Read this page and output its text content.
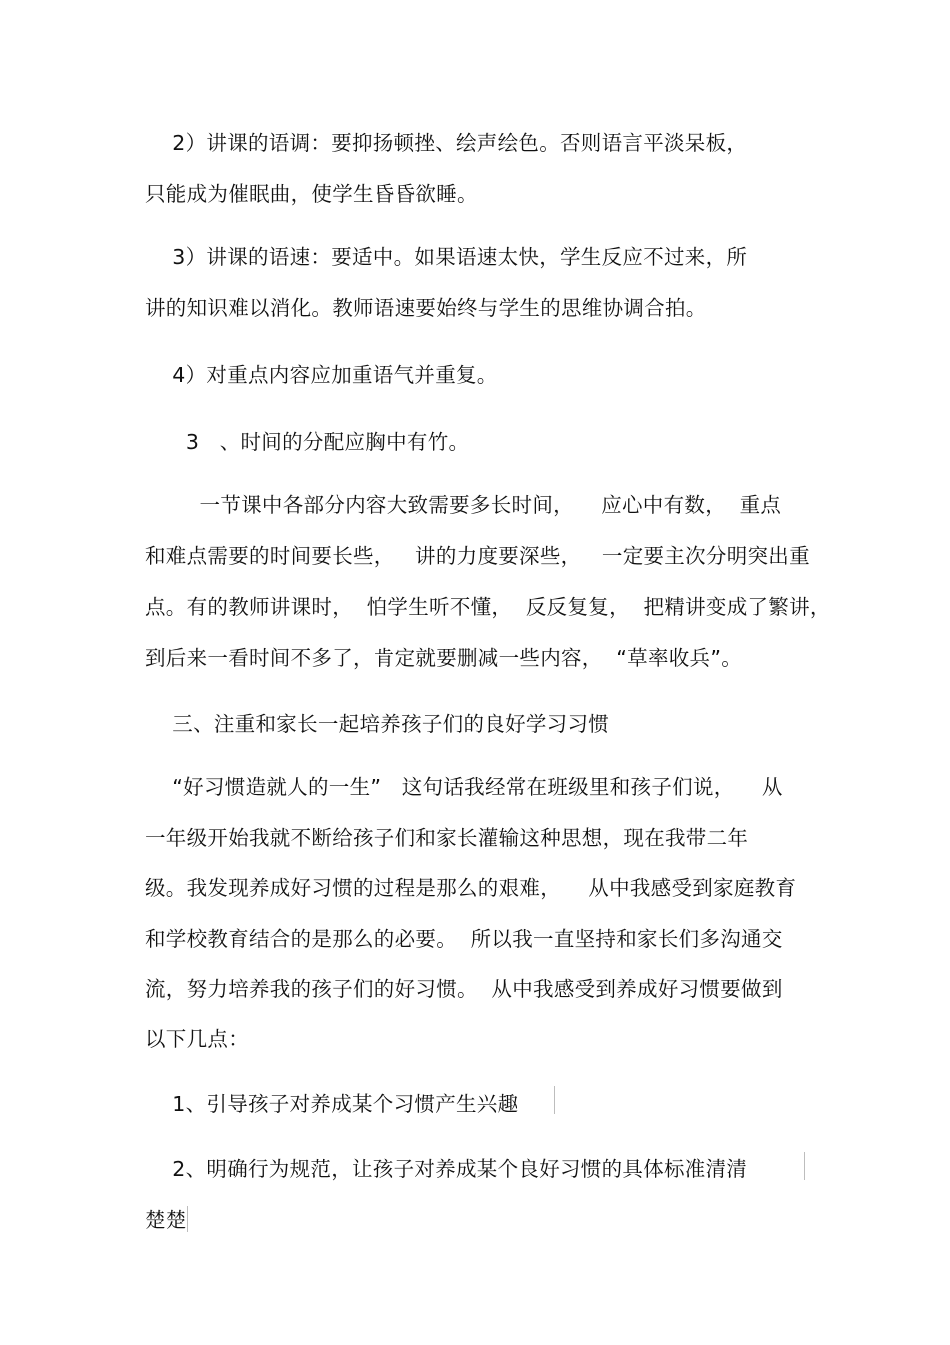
2）讲课的语调：要抑扬顿挫、绘声绘色。否则语言平淡呆板，
只能成为催眠曲，使学生昏昏欲睡。
3）讲课的语速：要适中。如果语速太快，学生反应不过来，所
讲的知识难以消化。教师语速要始终与学生的思维协调合拍。
4）对重点内容应加重语气并重复。
3   、时间的分配应胸中有竹。
一节课中各部分内容大致需要多长时间，    应心中有数，  重点
和难点需要的时间要长些，   讲的力度要深些，   一定要主次分明突出重
点。有的教师讲课时，  怕学生听不懂，  反反复复，  把精讲变成了繁讲，
到后来一看时间不多了，肯定就要删减一些内容，  “草率收兵”。
三、注重和家长一起培养孩子们的良好学习习惯
“好习惯造就人的一生”   这句话我经常在班级里和孩子们说，    从
一年级开始我就不断给孩子们和家长灌输这种思想，现在我带二年
级。我发现养成好习惯的过程是那么的艰难，    从中我感受到家庭教育
和学校教育结合的是那么的必要。  所以我一直坚持和家长们多沟通交
流，努力培养我的孩子们的好习惯。  从中我感受到养成好习惯要做到
以下几点：
1、引导孩子对养成某个习惯产生兴趣
2、明确行为规范，让孩子对养成某个良好习惯的具体标准清清
楚楚
